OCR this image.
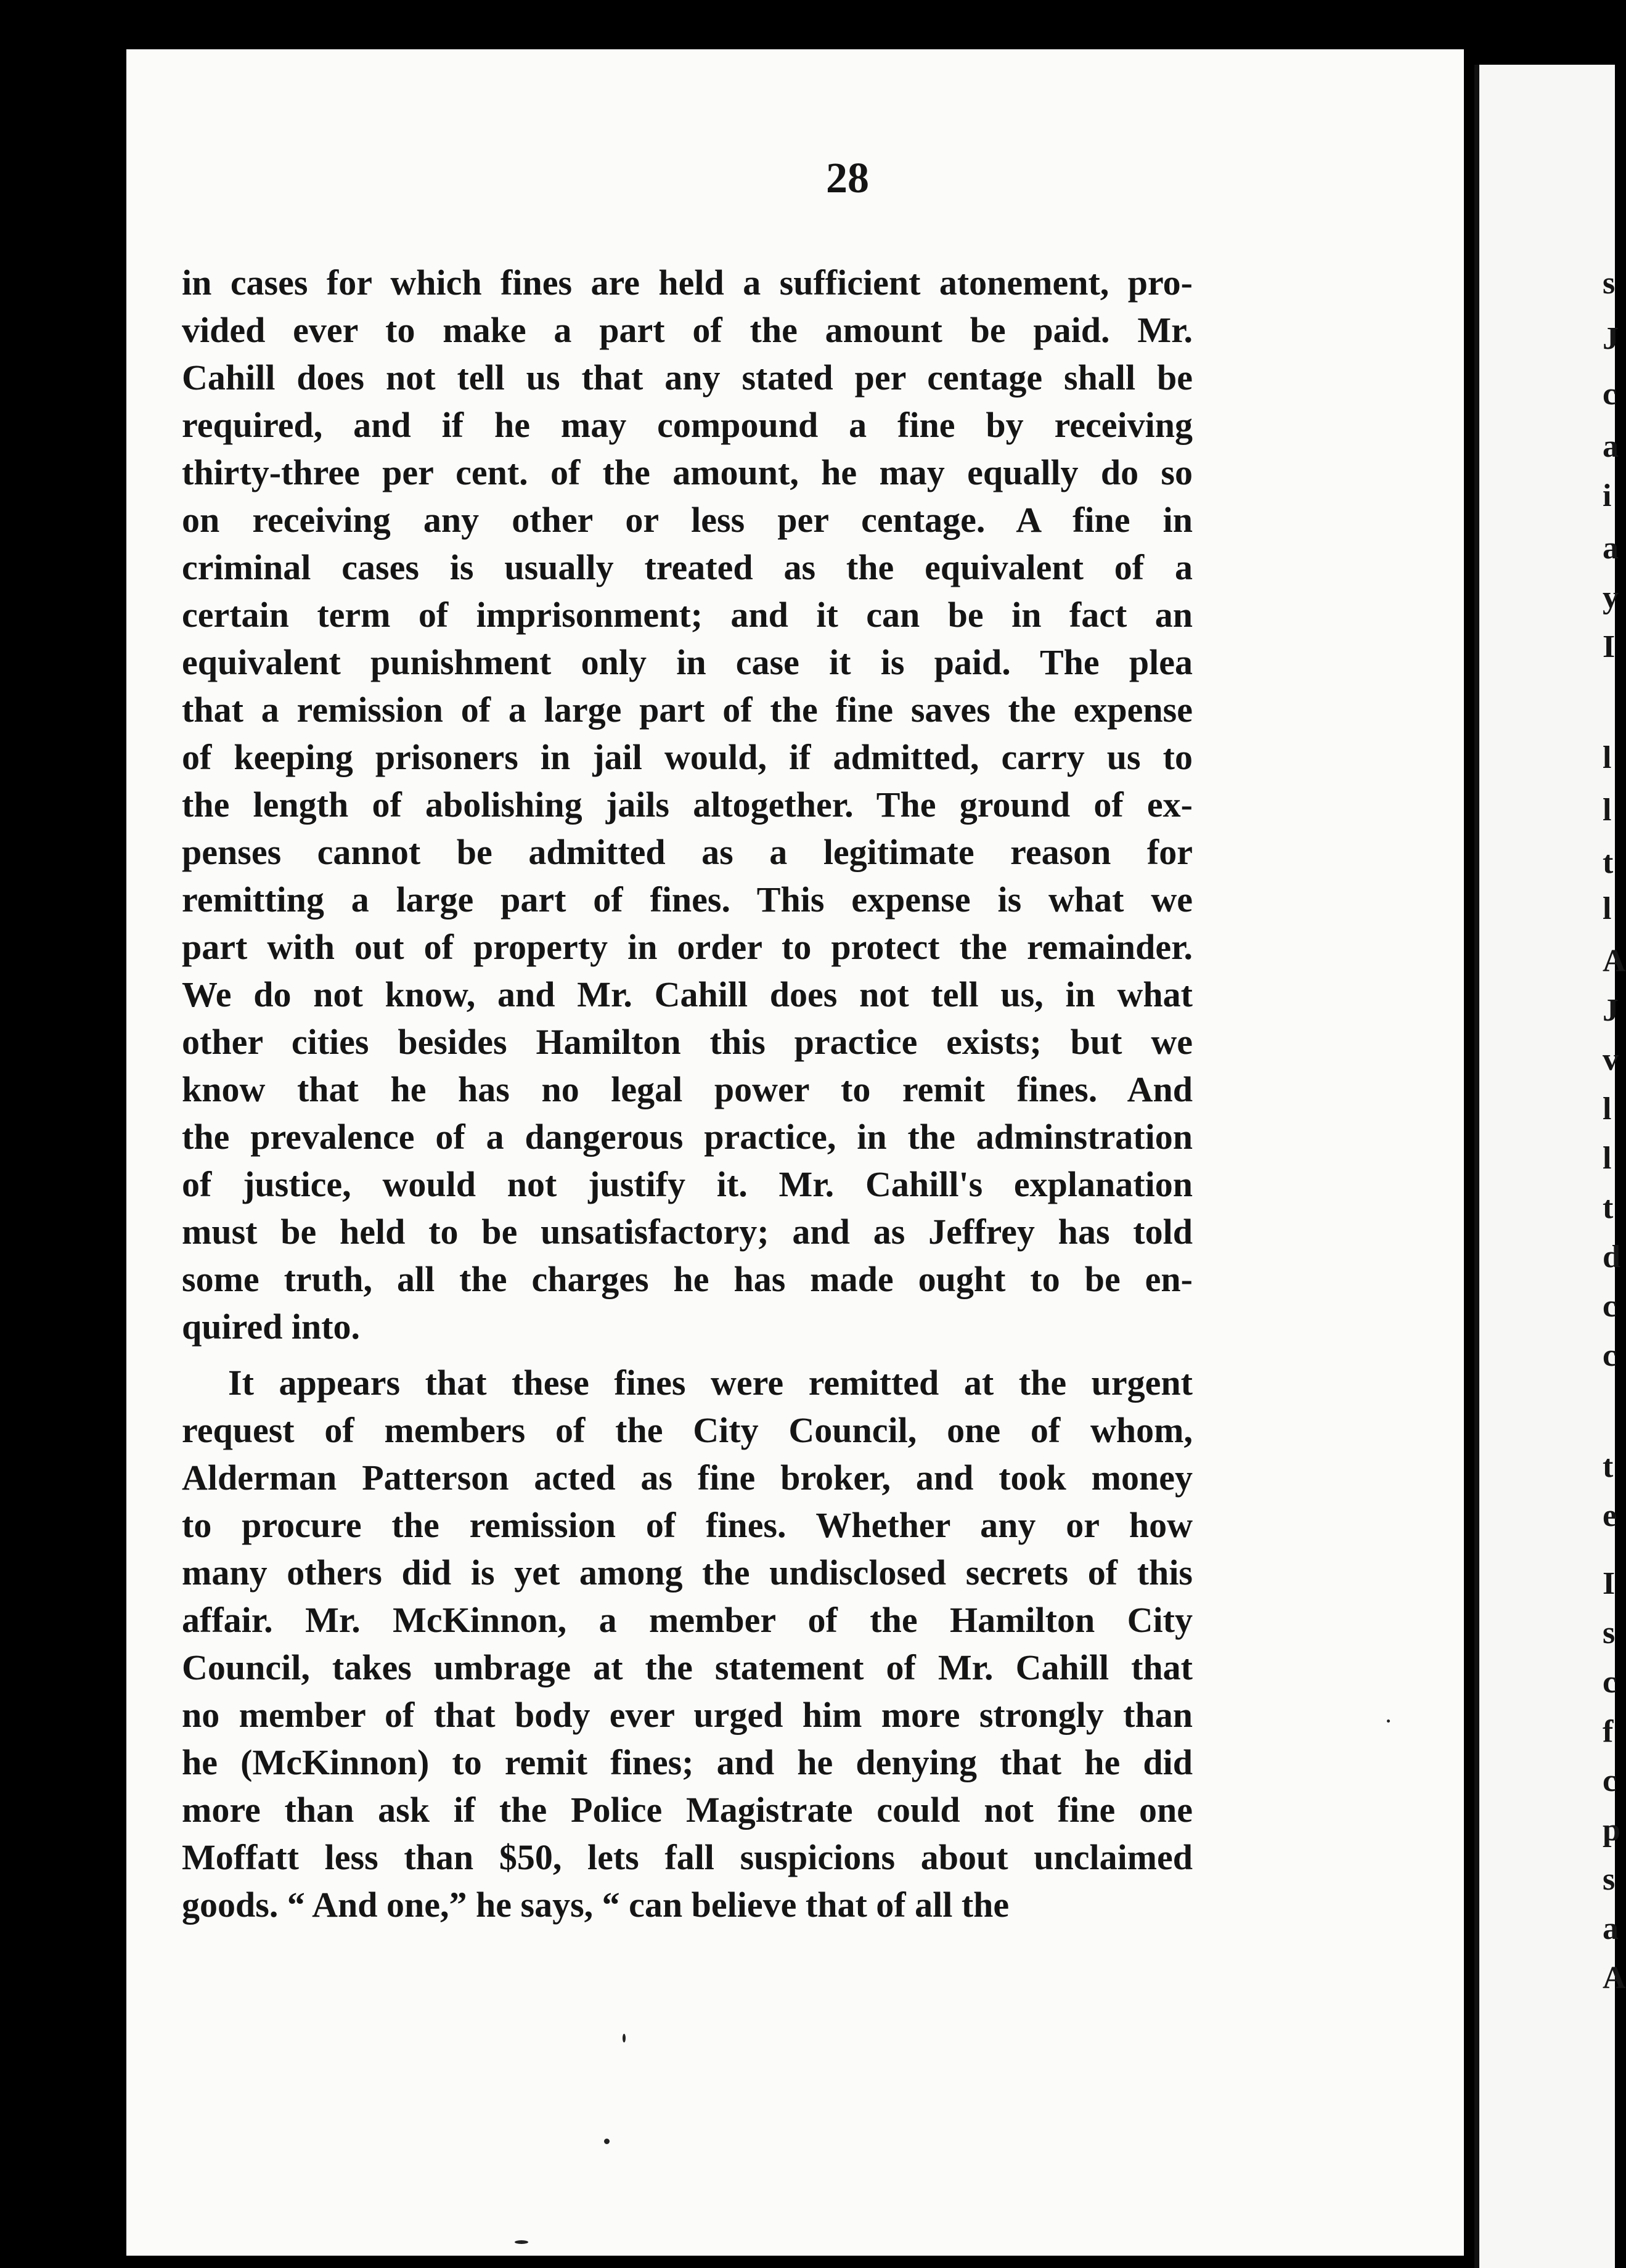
28
in cases for which fines are held a sufficient atonement, pro-
vided ever to make a part of the amount be paid. Mr.
Cahill does not tell us that any stated per centage shall be
required, and if he may compound a fine by receiving
thirty-three per cent. of the amount, he may equally do so
on receiving any other or less per centage. A fine in
criminal cases is usually treated as the equivalent of a
certain term of imprisonment; and it can be in fact an
equivalent punishment only in case it is paid. The plea
that a remission of a large part of the fine saves the expense
of keeping prisoners in jail would, if admitted, carry us to
the length of abolishing jails altogether. The ground of ex-
penses cannot be admitted as a legitimate reason for
remitting a large part of fines. This expense is what we
part with out of property in order to protect the remainder.
We do not know, and Mr. Cahill does not tell us, in what
other cities besides Hamilton this practice exists; but we
know that he has no legal power to remit fines. And
the prevalence of a dangerous practice, in the adminstration
of justice, would not justify it. Mr. Cahill's explanation
must be held to be unsatisfactory; and as Jeffrey has told
some truth, all the charges he has made ought to be en-
quired into.
It appears that these fines were remitted at the urgent
request of members of the City Council, one of whom,
Alderman Patterson acted as fine broker, and took money
to procure the remission of fines. Whether any or how
many others did is yet among the undisclosed secrets of this
affair. Mr. McKinnon, a member of the Hamilton City
Council, takes umbrage at the statement of Mr. Cahill that
no member of that body ever urged him more strongly than
he (McKinnon) to remit fines; and he denying that he did
more than ask if the Police Magistrate could not fine one
Moffatt less than $50, lets fall suspicions about unclaimed
goods. “ And one,” he says, “ can believe that of all the
s
J
c
a
i
a
y
I
l
l
t
l
A
J
v
l
l
t
d
c
c
t
e
I
s
c
f
c
p
s
a
A
